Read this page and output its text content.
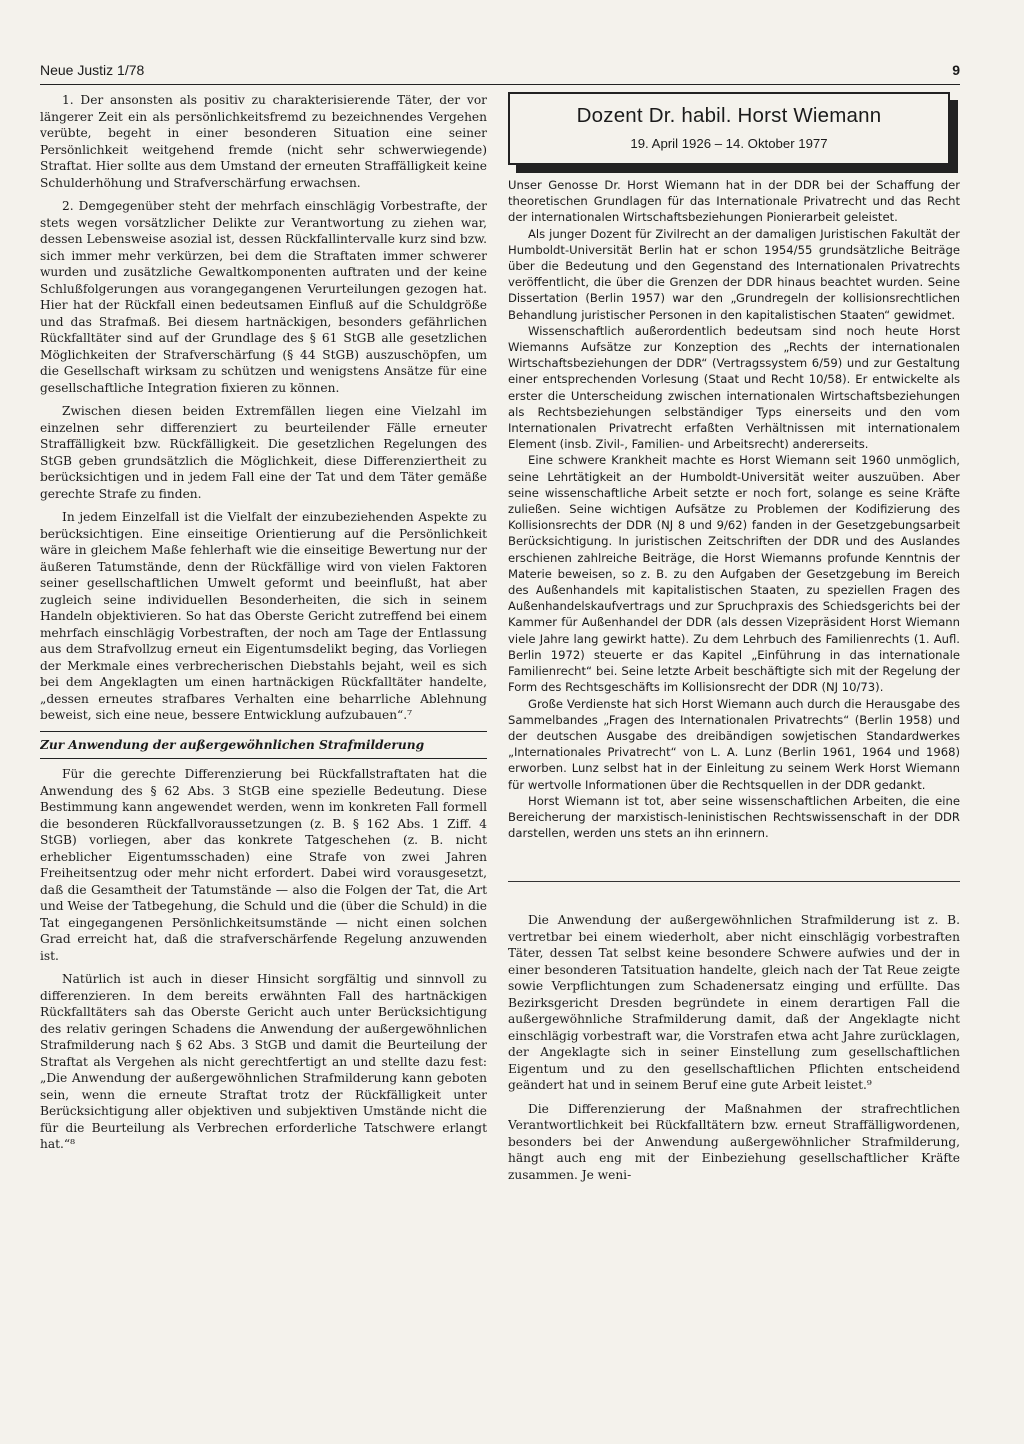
Neue Justiz 1/78	9

1. Der ansonsten als positiv zu charakterisierende Täter, der vor längerer Zeit ein als persönlichkeitsfremd zu bezeichnendes Vergehen verübte, begeht in einer besonderen Situation eine seiner Persönlichkeit weitgehend fremde (nicht sehr schwerwiegende) Straftat. Hier sollte aus dem Umstand der erneuten Straffälligkeit keine Schulderhöhung und Strafverschärfung erwachsen.

2. Demgegenüber steht der mehrfach einschlägig Vorbestrafte, der stets wegen vorsätzlicher Delikte zur Verantwortung zu ziehen war, dessen Lebensweise asozial ist, dessen Rückfallintervalle kurz sind bzw. sich immer mehr verkürzen, bei dem die Straftaten immer schwerer wurden und zusätzliche Gewaltkomponenten auftraten und der keine Schlußfolgerungen aus vorangegangenen Verurteilungen gezogen hat. Hier hat der Rückfall einen bedeutsamen Einfluß auf die Schuldgröße und das Strafmaß. Bei diesem hartnäckigen, besonders gefährlichen Rückfalltäter sind auf der Grundlage des § 61 StGB alle gesetzlichen Möglichkeiten der Strafverschärfung (§ 44 StGB) auszuschöpfen, um die Gesellschaft wirksam zu schützen und wenigstens Ansätze für eine gesellschaftliche Integration fixieren zu können.

Zwischen diesen beiden Extremfällen liegen eine Vielzahl im einzelnen sehr differenziert zu beurteilender Fälle erneuter Straffälligkeit bzw. Rückfälligkeit. Die gesetzlichen Regelungen des StGB geben grundsätzlich die Möglichkeit, diese Differenziertheit zu berücksichtigen und in jedem Fall eine der Tat und dem Täter gemäße gerechte Strafe zu finden.

In jedem Einzelfall ist die Vielfalt der einzubeziehenden Aspekte zu berücksichtigen. Eine einseitige Orientierung auf die Persönlichkeit wäre in gleichem Maße fehlerhaft wie die einseitige Bewertung nur der äußeren Tatumstände, denn der Rückfällige wird von vielen Faktoren seiner gesellschaftlichen Umwelt geformt und beeinflußt, hat aber zugleich seine individuellen Besonderheiten, die sich in seinem Handeln objektivieren. So hat das Oberste Gericht zutreffend bei einem mehrfach einschlägig Vorbestraften, der noch am Tage der Entlassung aus dem Strafvollzug erneut ein Eigentumsdelikt beging, das Vorliegen der Merkmale eines verbrecherischen Diebstahls bejaht, weil es sich bei dem Angeklagten um einen hartnäckigen Rückfalltäter handelte, „dessen erneutes strafbares Verhalten eine beharrliche Ablehnung beweist, sich eine neue, bessere Entwicklung aufzubauen“.⁷

Zur Anwendung der außergewöhnlichen Strafmilderung

Für die gerechte Differenzierung bei Rückfallstraftaten hat die Anwendung des § 62 Abs. 3 StGB eine spezielle Bedeutung. Diese Bestimmung kann angewendet werden, wenn im konkreten Fall formell die besonderen Rückfallvoraussetzungen (z. B. § 162 Abs. 1 Ziff. 4 StGB) vorliegen, aber das konkrete Tatgeschehen (z. B. nicht erheblicher Eigentumsschaden) eine Strafe von zwei Jahren Freiheitsentzug oder mehr nicht erfordert. Dabei wird vorausgesetzt, daß die Gesamtheit der Tatumstände — also die Folgen der Tat, die Art und Weise der Tatbegehung, die Schuld und die (über die Schuld) in die Tat eingegangenen Persönlichkeitsumstände — nicht einen solchen Grad erreicht hat, daß die strafverschärfende Regelung anzuwenden ist.

Natürlich ist auch in dieser Hinsicht sorgfältig und sinnvoll zu differenzieren. In dem bereits erwähnten Fall des hartnäckigen Rückfalltäters sah das Oberste Gericht auch unter Berücksichtigung des relativ geringen Schadens die Anwendung der außergewöhnlichen Strafmilderung nach § 62 Abs. 3 StGB und damit die Beurteilung der Straftat als Vergehen als nicht gerechtfertigt an und stellte dazu fest: „Die Anwendung der außergewöhnlichen Strafmilderung kann geboten sein, wenn die erneute Straftat trotz der Rückfälligkeit unter Berücksichtigung aller objektiven und subjektiven Umstände nicht die für die Beurteilung als Verbrechen erforderliche Tatschwere erlangt hat.“⁸

Dozent Dr. habil. Horst Wiemann
19. April 1926 – 14. Oktober 1977

Unser Genosse Dr. Horst Wiemann hat in der DDR bei der Schaffung der theoretischen Grundlagen für das Internationale Privatrecht und das Recht der internationalen Wirtschaftsbeziehungen Pionierarbeit geleistet.

Als junger Dozent für Zivilrecht an der damaligen Juristischen Fakultät der Humboldt-Universität Berlin hat er schon 1954/55 grundsätzliche Beiträge über die Bedeutung und den Gegenstand des Internationalen Privatrechts veröffentlicht, die über die Grenzen der DDR hinaus beachtet wurden. Seine Dissertation (Berlin 1957) war den „Grundregeln der kollisionsrechtlichen Behandlung juristischer Personen in den kapitalistischen Staaten“ gewidmet.

Wissenschaftlich außerordentlich bedeutsam sind noch heute Horst Wiemanns Aufsätze zur Konzeption des „Rechts der internationalen Wirtschaftsbeziehungen der DDR“ (Vertragssystem 6/59) und zur Gestaltung einer entsprechenden Vorlesung (Staat und Recht 10/58). Er entwickelte als erster die Unterscheidung zwischen internationalen Wirtschaftsbeziehungen als Rechtsbeziehungen selbständiger Typs einerseits und den vom Internationalen Privatrecht erfaßten Verhältnissen mit internationalem Element (insb. Zivil-, Familien- und Arbeitsrecht) andererseits.

Eine schwere Krankheit machte es Horst Wiemann seit 1960 unmöglich, seine Lehrtätigkeit an der Humboldt-Universität weiter auszuüben. Aber seine wissenschaftliche Arbeit setzte er noch fort, solange es seine Kräfte zuließen. Seine wichtigen Aufsätze zu Problemen der Kodifizierung des Kollisionsrechts der DDR (NJ 8 und 9/62) fanden in der Gesetzgebungsarbeit Berücksichtigung. In juristischen Zeitschriften der DDR und des Auslandes erschienen zahlreiche Beiträge, die Horst Wiemanns profunde Kenntnis der Materie beweisen, so z. B. zu den Aufgaben der Gesetzgebung im Bereich des Außenhandels mit kapitalistischen Staaten, zu speziellen Fragen des Außenhandelskaufvertrags und zur Spruchpraxis des Schiedsgerichts bei der Kammer für Außenhandel der DDR (als dessen Vizepräsident Horst Wiemann viele Jahre lang gewirkt hatte). Zu dem Lehrbuch des Familienrechts (1. Aufl. Berlin 1972) steuerte er das Kapitel „Einführung in das internationale Familienrecht“ bei. Seine letzte Arbeit beschäftigte sich mit der Regelung der Form des Rechtsgeschäfts im Kollisionsrecht der DDR (NJ 10/73).

Große Verdienste hat sich Horst Wiemann auch durch die Herausgabe des Sammelbandes „Fragen des Internationalen Privatrechts“ (Berlin 1958) und der deutschen Ausgabe des dreibändigen sowjetischen Standardwerkes „Internationales Privatrecht“ von L. A. Lunz (Berlin 1961, 1964 und 1968) erworben. Lunz selbst hat in der Einleitung zu seinem Werk Horst Wiemann für wertvolle Informationen über die Rechtsquellen in der DDR gedankt.

Horst Wiemann ist tot, aber seine wissenschaftlichen Arbeiten, die eine Bereicherung der marxistisch-leninistischen Rechtswissenschaft in der DDR darstellen, werden uns stets an ihn erinnern.

Die Anwendung der außergewöhnlichen Strafmilderung ist z. B. vertretbar bei einem wiederholt, aber nicht einschlägig vorbestraften Täter, dessen Tat selbst keine besondere Schwere aufwies und der in einer besonderen Tatsituation handelte, gleich nach der Tat Reue zeigte sowie Verpflichtungen zum Schadenersatz einging und erfüllte. Das Bezirksgericht Dresden begründete in einem derartigen Fall die außergewöhnliche Strafmilderung damit, daß der Angeklagte nicht einschlägig vorbestraft war, die Vorstrafen etwa acht Jahre zurücklagen, der Angeklagte sich in seiner Einstellung zum gesellschaftlichen Eigentum und zu den gesellschaftlichen Pflichten entscheidend geändert hat und in seinem Beruf eine gute Arbeit leistet.⁹

Die Differenzierung der Maßnahmen der strafrechtlichen Verantwortlichkeit bei Rückfalltätern bzw. erneut Straffälligwordenen, besonders bei der Anwendung außergewöhnlicher Strafmilderung, hängt auch eng mit der Einbeziehung gesellschaftlicher Kräfte zusammen. Je weni-
